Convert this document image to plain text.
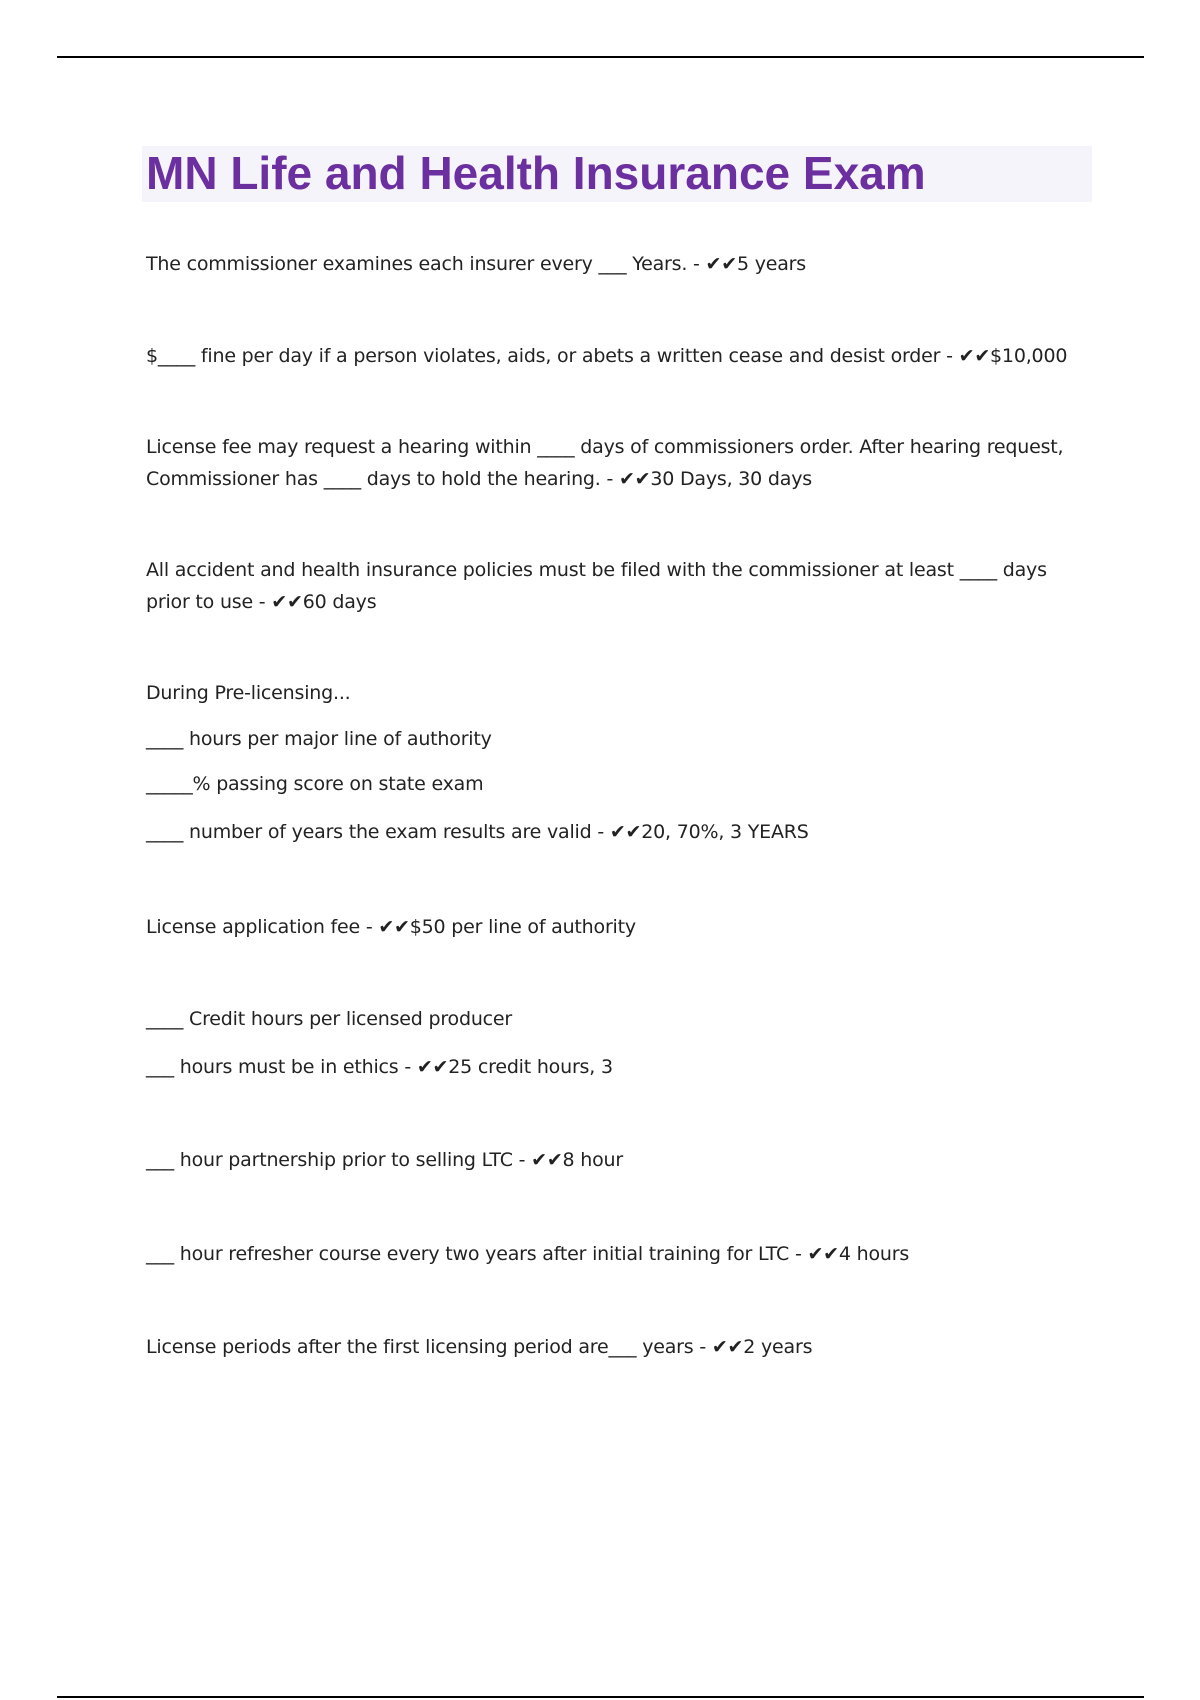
MN Life and Health Insurance Exam

The commissioner examines each insurer every ___ Years. - ✔✔5 years

$____ fine per day if a person violates, aids, or abets a written cease and desist order - ✔✔$10,000

License fee may request a hearing within ____ days of commissioners order. After hearing request, Commissioner has ____ days to hold the hearing. - ✔✔30 Days, 30 days

All accident and health insurance policies must be filed with the commissioner at least ____ days prior to use - ✔✔60 days

During Pre-licensing...

____ hours per major line of authority

_____% passing score on state exam

____ number of years the exam results are valid - ✔✔20, 70%, 3 YEARS

License application fee - ✔✔$50 per line of authority

____ Credit hours per licensed producer

___ hours must be in ethics - ✔✔25 credit hours, 3

___ hour partnership prior to selling LTC - ✔✔8 hour

___ hour refresher course every two years after initial training for LTC - ✔✔4 hours

License periods after the first licensing period are___ years - ✔✔2 years
